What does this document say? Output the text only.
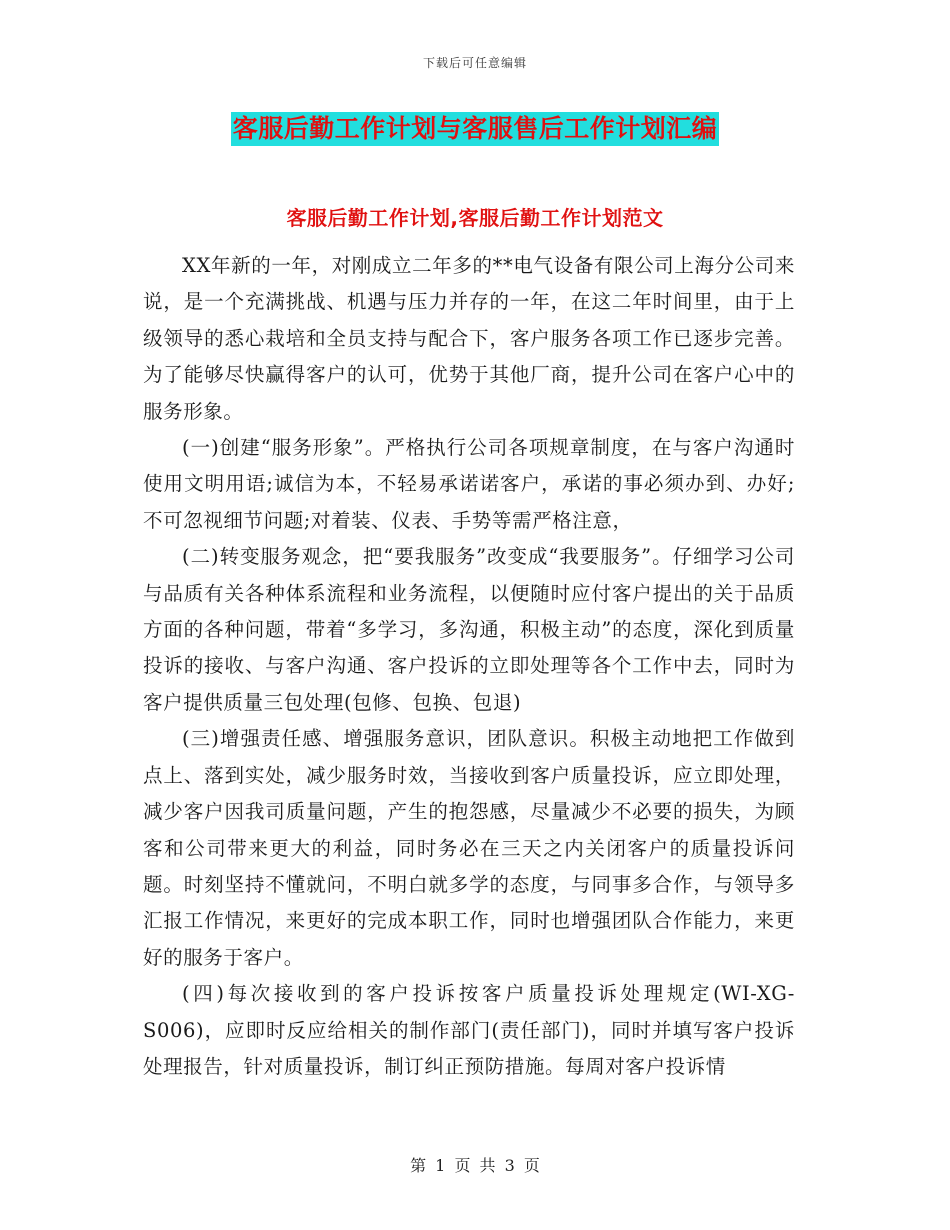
下载后可任意编辑
客服后勤工作计划与客服售后工作计划汇编
客服后勤工作计划,客服后勤工作计划范文

XX年新的一年，对刚成立二年多的**电气设备有限公司上海分公司来说，是一个充满挑战、机遇与压力并存的一年，在这二年时间里，由于上级领导的悉心栽培和全员支持与配合下，客户服务各项工作已逐步完善。为了能够尽快赢得客户的认可，优势于其他厂商，提升公司在客户心中的服务形象。

(一)创建“服务形象”。严格执行公司各项规章制度，在与客户沟通时使用文明用语;诚信为本，不轻易承诺诺客户，承诺的事必须办到、办好;不可忽视细节问题;对着装、仪表、手势等需严格注意，

(二)转变服务观念，把“要我服务”改变成“我要服务”。仔细学习公司与品质有关各种体系流程和业务流程，以便随时应付客户提出的关于品质方面的各种问题，带着“多学习，多沟通，积极主动”的态度，深化到质量投诉的接收、与客户沟通、客户投诉的立即处理等各个工作中去，同时为客户提供质量三包处理(包修、包换、包退)

(三)增强责任感、增强服务意识，团队意识。积极主动地把工作做到点上、落到实处，减少服务时效，当接收到客户质量投诉，应立即处理，减少客户因我司质量问题，产生的抱怨感，尽量减少不必要的损失，为顾客和公司带来更大的利益，同时务必在三天之内关闭客户的质量投诉问题。时刻坚持不懂就问，不明白就多学的态度，与同事多合作，与领导多汇报工作情况，来更好的完成本职工作，同时也增强团队合作能力，来更好的服务于客户。

(四)每次接收到的客户投诉按客户质量投诉处理规定(WI-XG-S006)，应即时反应给相关的制作部门(责任部门)，同时并填写客户投诉处理报告，针对质量投诉，制订纠正预防措施。每周对客户投诉情

第 1 页 共 3 页
